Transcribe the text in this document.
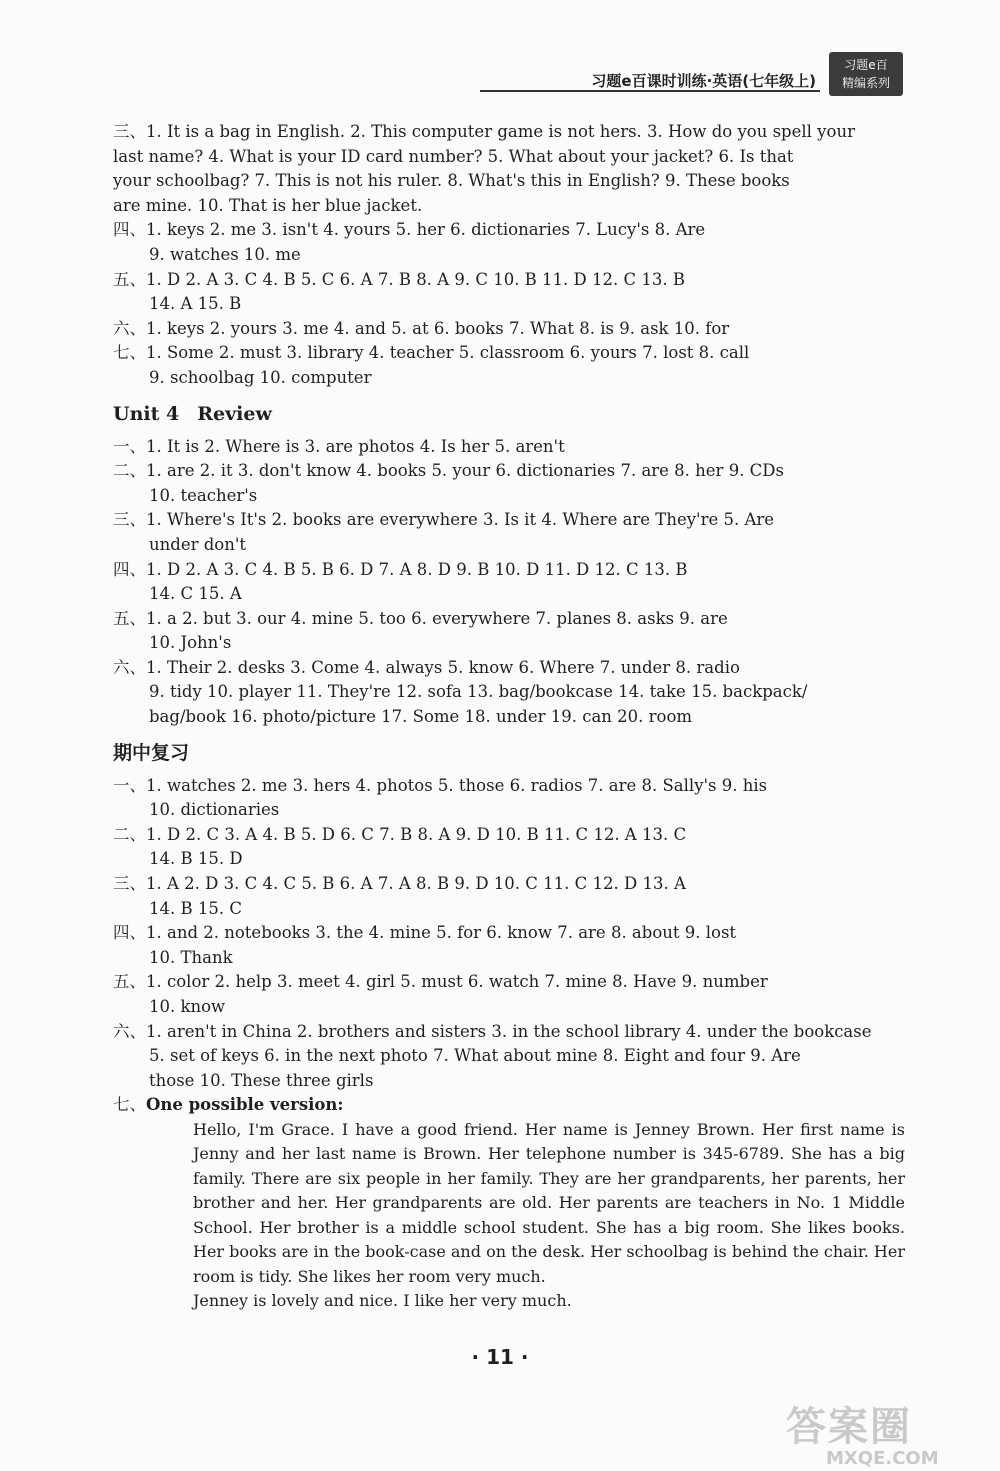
习题e百课时训练·英语(七年级上)
习题e百
精编系列
三、1. It is a bag in English. 2. This computer game is not hers. 3. How do you spell your
last name? 4. What is your ID card number? 5. What about your jacket? 6. Is that
your schoolbag? 7. This is not his ruler. 8. What's this in English? 9. These books
are mine. 10. That is her blue jacket.
四、1. keys 2. me 3. isn't 4. yours 5. her 6. dictionaries 7. Lucy's 8. Are
9. watches 10. me
五、1. D 2. A 3. C 4. B 5. C 6. A 7. B 8. A 9. C 10. B 11. D 12. C 13. B
14. A 15. B
六、1. keys 2. yours 3. me 4. and 5. at 6. books 7. What 8. is 9. ask 10. for
七、1. Some 2. must 3. library 4. teacher 5. classroom 6. yours 7. lost 8. call
9. schoolbag 10. computer
Unit 4 Review
一、1. It is 2. Where is 3. are photos 4. Is her 5. aren't
二、1. are 2. it 3. don't know 4. books 5. your 6. dictionaries 7. are 8. her 9. CDs
10. teacher's
三、1. Where's It's 2. books are everywhere 3. Is it 4. Where are They're 5. Are
under don't
四、1. D 2. A 3. C 4. B 5. B 6. D 7. A 8. D 9. B 10. D 11. D 12. C 13. B
14. C 15. A
五、1. a 2. but 3. our 4. mine 5. too 6. everywhere 7. planes 8. asks 9. are
10. John's
六、1. Their 2. desks 3. Come 4. always 5. know 6. Where 7. under 8. radio
9. tidy 10. player 11. They're 12. sofa 13. bag/bookcase 14. take 15. backpack/
bag/book 16. photo/picture 17. Some 18. under 19. can 20. room
期中复习
一、1. watches 2. me 3. hers 4. photos 5. those 6. radios 7. are 8. Sally's 9. his
10. dictionaries
二、1. D 2. C 3. A 4. B 5. D 6. C 7. B 8. A 9. D 10. B 11. C 12. A 13. C
14. B 15. D
三、1. A 2. D 3. C 4. C 5. B 6. A 7. A 8. B 9. D 10. C 11. C 12. D 13. A
14. B 15. C
四、1. and 2. notebooks 3. the 4. mine 5. for 6. know 7. are 8. about 9. lost
10. Thank
五、1. color 2. help 3. meet 4. girl 5. must 6. watch 7. mine 8. Have 9. number
10. know
六、1. aren't in China 2. brothers and sisters 3. in the school library 4. under the bookcase
5. set of keys 6. in the next photo 7. What about mine 8. Eight and four 9. Are
those 10. These three girls
七、One possible version:
Hello, I'm Grace. I have a good friend. Her name is Jenney Brown. Her first name is Jenny and her last name is Brown. Her telephone number is 345-6789. She has a big family. There are six people in her family. They are her grandparents, her parents, her brother and her. Her grandparents are old. Her parents are teachers in No. 1 Middle School. Her brother is a middle school student. She has a big room. She likes books. Her books are in the book-case and on the desk. Her schoolbag is behind the chair. Her room is tidy. She likes her room very much.
Jenney is lovely and nice. I like her very much.
· 11 ·
答案圈
MXQE.COM
